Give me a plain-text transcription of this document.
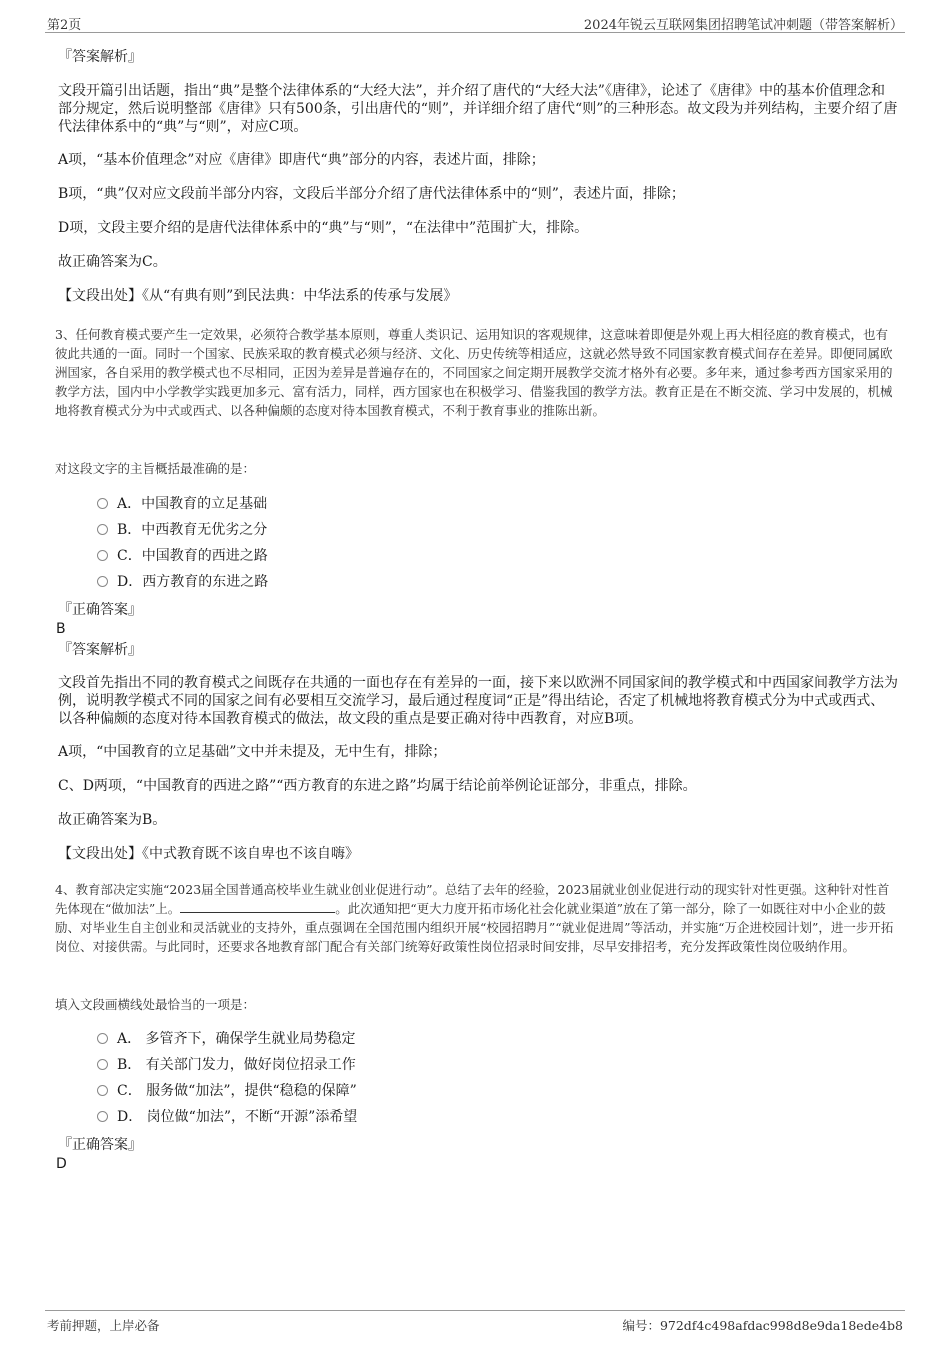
第2页	2024年锐云互联网集团招聘笔试冲刺题（带答案解析）
『答案解析』
文段开篇引出话题，指出“典”是整个法律体系的“大经大法”，并介绍了唐代的“大经大法”《唐律》，论述了《唐律》中的基本价值理念和部分规定，然后说明整部《唐律》只有500条，引出唐代的“则”，并详细介绍了唐代“则”的三种形态。故文段为并列结构，主要介绍了唐代法律体系中的“典”与“则”，对应C项。
A项，“基本价值理念”对应《唐律》即唐代“典”部分的内容，表述片面，排除；
B项，“典”仅对应文段前半部分内容，文段后半部分介绍了唐代法律体系中的“则”，表述片面，排除；
D项，文段主要介绍的是唐代法律体系中的“典”与“则”，“在法律中”范围扩大，排除。
故正确答案为C。
【文段出处】《从“有典有则”到民法典：中华法系的传承与发展》
3、任何教育模式要产生一定效果，必须符合教学基本原则，尊重人类识记、运用知识的客观规律，这意味着即便是外观上再大相径庭的教育模式，也有彼此共通的一面。同时一个国家、民族采取的教育模式必须与经济、文化、历史传统等相适应，这就必然导致不同国家教育模式间存在差异。即便同属欧洲国家，各自采用的教学模式也不尽相同，正因为差异是普遍存在的，不同国家之间定期开展教学交流才格外有必要。多年来，通过参考西方国家采用的教学方法，国内中小学教学实践更加多元、富有活力，同样，西方国家也在积极学习、借鉴我国的教学方法。教育正是在不断交流、学习中发展的，机械地将教育模式分为中式或西式、以各种偏颇的态度对待本国教育模式，不利于教育事业的推陈出新。
对这段文字的主旨概括最准确的是：
A．中国教育的立足基础
B．中西教育无优劣之分
C．中国教育的西进之路
D．西方教育的东进之路
『正确答案』
B
『答案解析』
文段首先指出不同的教育模式之间既存在共通的一面也存在有差异的一面，接下来以欧洲不同国家间的教学模式和中西国家间教学方法为例，说明教学模式不同的国家之间有必要相互交流学习，最后通过程度词“正是”得出结论，否定了机械地将教育模式分为中式或西式、以各种偏颇的态度对待本国教育模式的做法，故文段的重点是要正确对待中西教育，对应B项。
A项，“中国教育的立足基础”文中并未提及，无中生有，排除；
C、D两项，“中国教育的西进之路”“西方教育的东进之路”均属于结论前举例论证部分，非重点，排除。
故正确答案为B。
【文段出处】《中式教育既不该自卑也不该自嗨》
4、教育部决定实施“2023届全国普通高校毕业生就业创业促进行动”。总结了去年的经验，2023届就业创业促进行动的现实针对性更强。这种针对性首先体现在“做加法”上。	。此次通知把“更大力度开拓市场化社会化就业渠道”放在了第一部分，除了一如既往对中小企业的鼓励、对毕业生自主创业和灵活就业的支持外，重点强调在全国范围内组织开展“校园招聘月”“就业促进周”等活动，并实施“万企进校园计划”，进一步开拓岗位、对接供需。与此同时，还要求各地教育部门配合有关部门统筹好政策性岗位招录时间安排，尽早安排招考，充分发挥政策性岗位吸纳作用。
填入文段画横线处最恰当的一项是：
A． 多管齐下，确保学生就业局势稳定
B． 有关部门发力，做好岗位招录工作
C． 服务做“加法”，提供“稳稳的保障”
D． 岗位做“加法”，不断“开源”添希望
『正确答案』
D
考前押题，上岸必备	编号：972df4c498afdac998d8e9da18ede4b8
